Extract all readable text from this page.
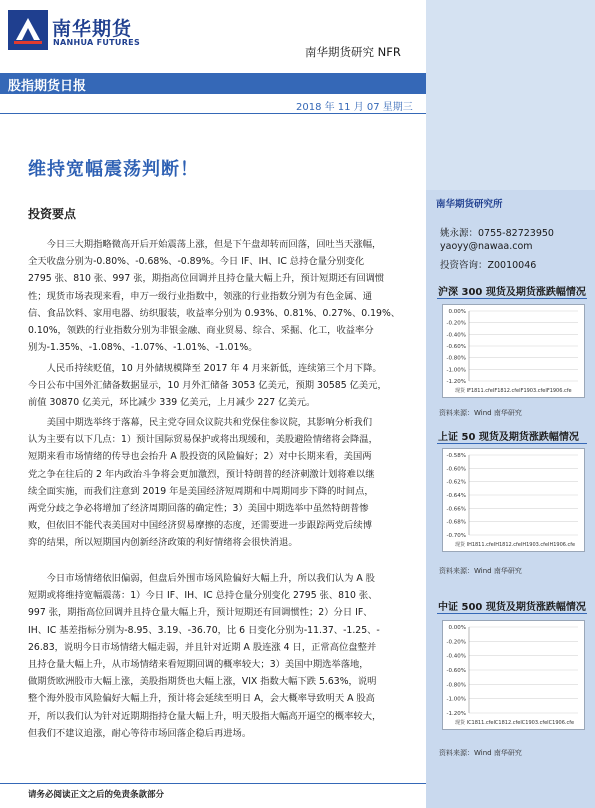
南华期货
NANHUA FUTURES
南华期货研究 NFR
股指期货日报
2018 年 11 月 07 星期三
维持宽幅震荡判断！
投资要点
今日三大期指略微高开后开始震荡上涨，但是下午盘却转而回落，回吐当天涨幅，
全天收盘分别为-0.80%、-0.68%、-0.89%。今日 IF、IH、IC 总持仓量分别变化
2795 张、810 张、997 张，期指高位回调并且持仓量大幅上升，预计短期还有回调惯
性；现货市场表现来看，申万一级行业指数中，领涨的行业指数分别为有色金属、通
信、食品饮料、家用电器、纺织服装，收益率分别为 0.93%、0.81%、0.27%、0.19%、
0.10%，领跌的行业指数分别为非银金融、商业贸易、综合、采掘、化工，收益率分
别为-1.35%、-1.08%、-1.07%、-1.01%、-1.01%。
人民币持续贬值，10 月外储规模降至 2017 年 4 月来新低，连续第三个月下降。
今日公布中国外汇储备数据显示，10 月外汇储备 3053 亿美元，预期 30585 亿美元，
前值 30870 亿美元，环比减少 339 亿美元，上月减少 227 亿美元。
美国中期选举终于落幕，民主党夺回众议院共和党保住参议院，其影响分析我们
认为主要有以下几点：1）预计国际贸易保护或将出现缓和，美股避险情绪将会降温，
短期来看市场情绪的传导也会抬升 A 股投资的风险偏好；2）对中长期来看，美国两
党之争在往后的 2 年内政治斗争将会更加激烈，预计特朗普的经济刺激计划将难以继
续全面实施，而我们注意到 2019 年是美国经济短周期和中周期同步下降的时间点，
两党分歧之争必将增加了经济周期回落的确定性；3）美国中期选举中虽然特朗普惨
败，但依旧不能代表美国对中国经济贸易摩擦的态度，还需要进一步跟踪两党后续博
弈的结果，所以短期国内创新经济政策的利好情绪将会很快消退。
今日市场情绪依旧偏弱，但盘后外围市场风险偏好大幅上升，所以我们认为 A 股
短期或将维持宽幅震荡：1）今日 IF、IH、IC 总持仓量分别变化 2795 张、810 张、
997 张，期指高位回调并且持仓量大幅上升，预计短期还有回调惯性；2）分日 IF、
IH、IC 基差指标分别为-8.95、3.19、-36.70，比 6 日变化分别为-11.37、-1.25、-
26.83，说明今日市场情绪大幅走弱，并且针对近期 A 股连涨 4 日，正常高位盘整并
且持仓量大幅上升，从市场情绪来看短期回调的概率较大；3）美国中期选举落地，
做期货欧洲股市大幅上涨，美股指期货也大幅上涨，VIX 指数大幅下跌 5.63%，说明
整个海外股市风险偏好大幅上升，预计将会延续至明日 A，会大概率导致明天 A 股高
开，所以我们认为针对近期期指持仓量大幅上升，明天股指大幅高开逼空的概率较大，
但我们不建议追涨，耐心等待市场回落企稳后再进场。
请务必阅读正文之后的免责条款部分
南华期货研究所
姚永源：0755-82723950
yaoyy@nawaa.com
投资咨询：Z0010046
沪深 300 现货及期货涨跌幅情况
0.00%
-0.20%
-0.40%
-0.60%
-0.80%
-1.00%
-1.20%
现货 IF1811.cfeIF1812.cfeIF1903.cfeIF1906.cfe
资料来源：Wind 南华研究
上证 50 现货及期货涨跌幅情况
-0.58%
-0.60%
-0.62%
-0.64%
-0.66%
-0.68%
-0.70%
现货 IH1811.cfeIH1812.cfeIH1903.cfeIH1906.cfe
资料来源：Wind 南华研究
中证 500 现货及期货涨跌幅情况
0.00%
-0.20%
-0.40%
-0.60%
-0.80%
-1.00%
-1.20%
现货 IC1811.cfeIC1812.cfeIC1903.cfeIC1906.cfe
资料来源：Wind 南华研究
